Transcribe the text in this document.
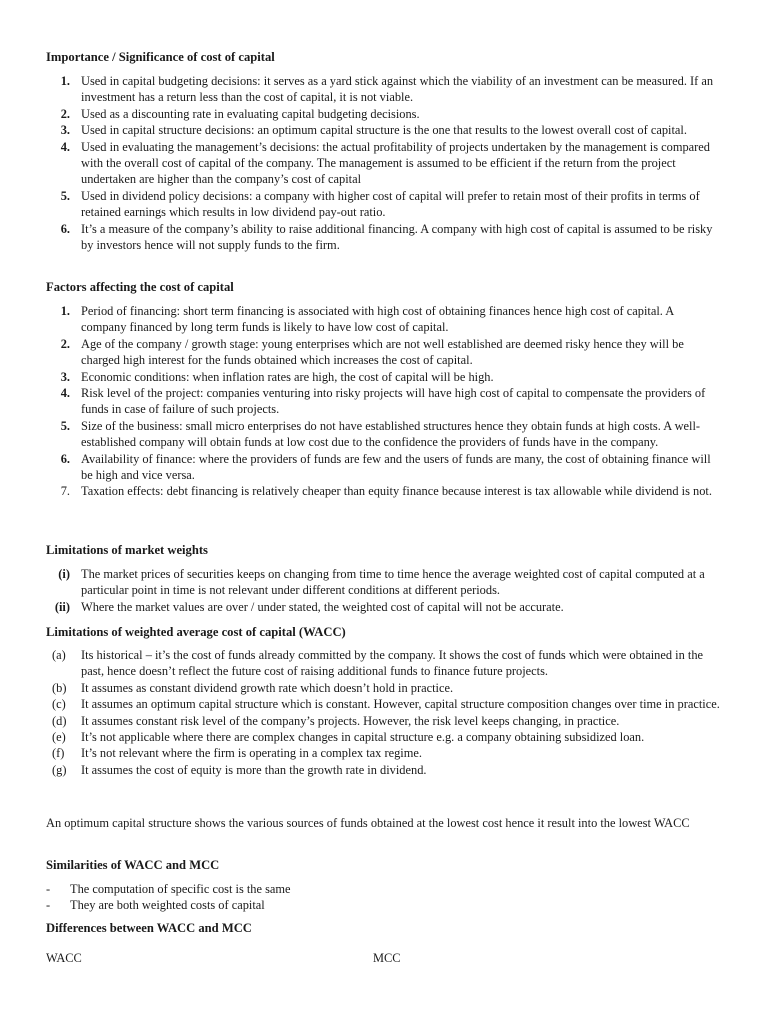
Importance / Significance of cost of capital
1. Used in capital budgeting decisions: it serves as a yard stick against which the viability of an investment can be measured. If an investment has a return less than the cost of capital, it is not viable.
2. Used as a discounting rate in evaluating capital budgeting decisions.
3. Used in capital structure decisions: an optimum capital structure is the one that results to the lowest overall cost of capital.
4. Used in evaluating the management’s decisions: the actual profitability of projects undertaken by the management is compared with the overall cost of capital of the company. The management is assumed to be efficient if the return from the project undertaken are higher than the company’s cost of capital
5. Used in dividend policy decisions: a company with higher cost of capital will prefer to retain most of their profits in terms of retained earnings which results in low dividend pay-out ratio.
6. It’s a measure of the company’s ability to raise additional financing. A company with high cost of capital is assumed to be risky by investors hence will not supply funds to the firm.
Factors affecting the cost of capital
1. Period of financing: short term financing is associated with high cost of obtaining finances hence high cost of capital. A company financed by long term funds is likely to have low cost of capital.
2. Age of the company / growth stage: young enterprises which are not well established are deemed risky hence they will be charged high interest for the funds obtained which increases the cost of capital.
3. Economic conditions: when inflation rates are high, the cost of capital will be high.
4. Risk level of the project: companies venturing into risky projects will have high cost of capital to compensate the providers of funds in case of failure of such projects.
5. Size of the business: small micro enterprises do not have established structures hence they obtain funds at high costs. A well-established company will obtain funds at low cost due to the confidence the providers of funds have in the company.
6. Availability of finance: where the providers of funds are few and the users of funds are many, the cost of obtaining finance will be high and vice versa.
7. Taxation effects: debt financing is relatively cheaper than equity finance because interest is tax allowable while dividend is not.
Limitations of market weights
(i) The market prices of securities keeps on changing from time to time hence the average weighted cost of capital computed at a particular point in time is not relevant under different conditions at different periods.
(ii) Where the market values are over / under stated, the weighted cost of capital will not be accurate.
Limitations of weighted average cost of capital (WACC)
(a)	Its historical – it’s the cost of funds already committed by the company. It shows the cost of funds which were obtained in the past, hence doesn’t reflect the future cost of raising additional funds to finance future projects.
(b)	It assumes as constant dividend growth rate which doesn’t hold in practice.
(c)	It assumes an optimum capital structure which is constant. However, capital structure composition changes over time in practice.
(d)	It assumes constant risk level of the company’s projects. However, the risk level keeps changing, in practice.
(e)	It’s not applicable where there are complex changes in capital structure e.g. a company obtaining subsidized loan.
(f)	It’s not relevant where the firm is operating in a complex tax regime.
(g)	It assumes the cost of equity is more than the growth rate in dividend.
An optimum capital structure shows the various sources of funds obtained at the lowest cost hence it result into the lowest WACC
Similarities of WACC and MCC
- The computation of specific cost is the same
- They are both weighted costs of capital
Differences between WACC and MCC
WACC	MCC
